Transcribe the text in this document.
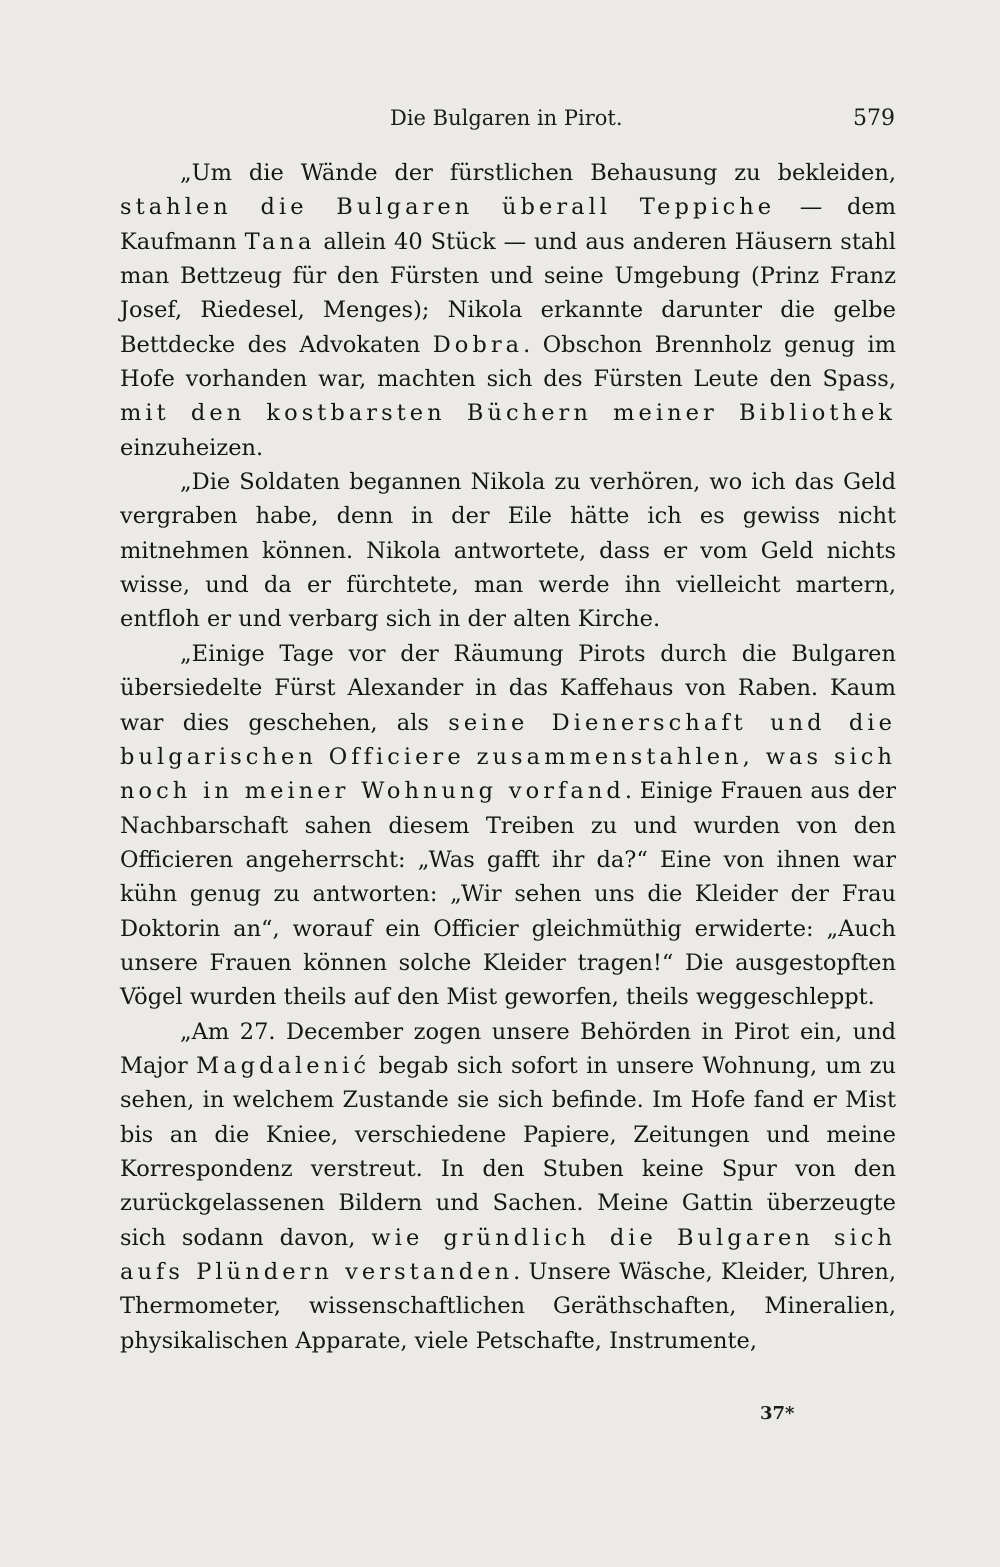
Die Bulgaren in Pirot.	579

„Um die Wände der fürstlichen Behausung zu bekleiden, stahlen die Bulgaren überall Teppiche — dem Kaufmann Tana allein 40 Stück — und aus anderen Häusern stahl man Bettzeug für den Fürsten und seine Umgebung (Prinz Franz Josef, Riedesel, Menges); Nikola erkannte darunter die gelbe Bettdecke des Advokaten Dobra. Obschon Brennholz genug im Hofe vorhanden war, machten sich des Fürsten Leute den Spass, mit den kostbarsten Büchern meiner Bibliothek einzuheizen.

„Die Soldaten begannen Nikola zu verhören, wo ich das Geld vergraben habe, denn in der Eile hätte ich es gewiss nicht mitnehmen können. Nikola antwortete, dass er vom Geld nichts wisse, und da er fürchtete, man werde ihn vielleicht martern, entfloh er und verbarg sich in der alten Kirche.

„Einige Tage vor der Räumung Pirots durch die Bulgaren übersiedelte Fürst Alexander in das Kaffehaus von Raben. Kaum war dies geschehen, als seine Dienerschaft und die bulgarischen Officiere zusammenstahlen, was sich noch in meiner Wohnung vorfand. Einige Frauen aus der Nachbarschaft sahen diesem Treiben zu und wurden von den Officieren angeherrscht: „Was gafft ihr da?“ Eine von ihnen war kühn genug zu antworten: „Wir sehen uns die Kleider der Frau Doktorin an“, worauf ein Officier gleichmüthig erwiderte: „Auch unsere Frauen können solche Kleider tragen!“ Die ausgestopften Vögel wurden theils auf den Mist geworfen, theils weggeschleppt.

„Am 27. December zogen unsere Behörden in Pirot ein, und Major Magdalenić begab sich sofort in unsere Wohnung, um zu sehen, in welchem Zustande sie sich befinde. Im Hofe fand er Mist bis an die Kniee, verschiedene Papiere, Zeitungen und meine Korrespondenz verstreut. In den Stuben keine Spur von den zurückgelassenen Bildern und Sachen. Meine Gattin überzeugte sich sodann davon, wie gründlich die Bulgaren sich aufs Plündern verstanden. Unsere Wäsche, Kleider, Uhren, Thermometer, wissenschaftlichen Geräthschaften, Mineralien, physikalischen Apparate, viele Petschafte, Instrumente,

37*
